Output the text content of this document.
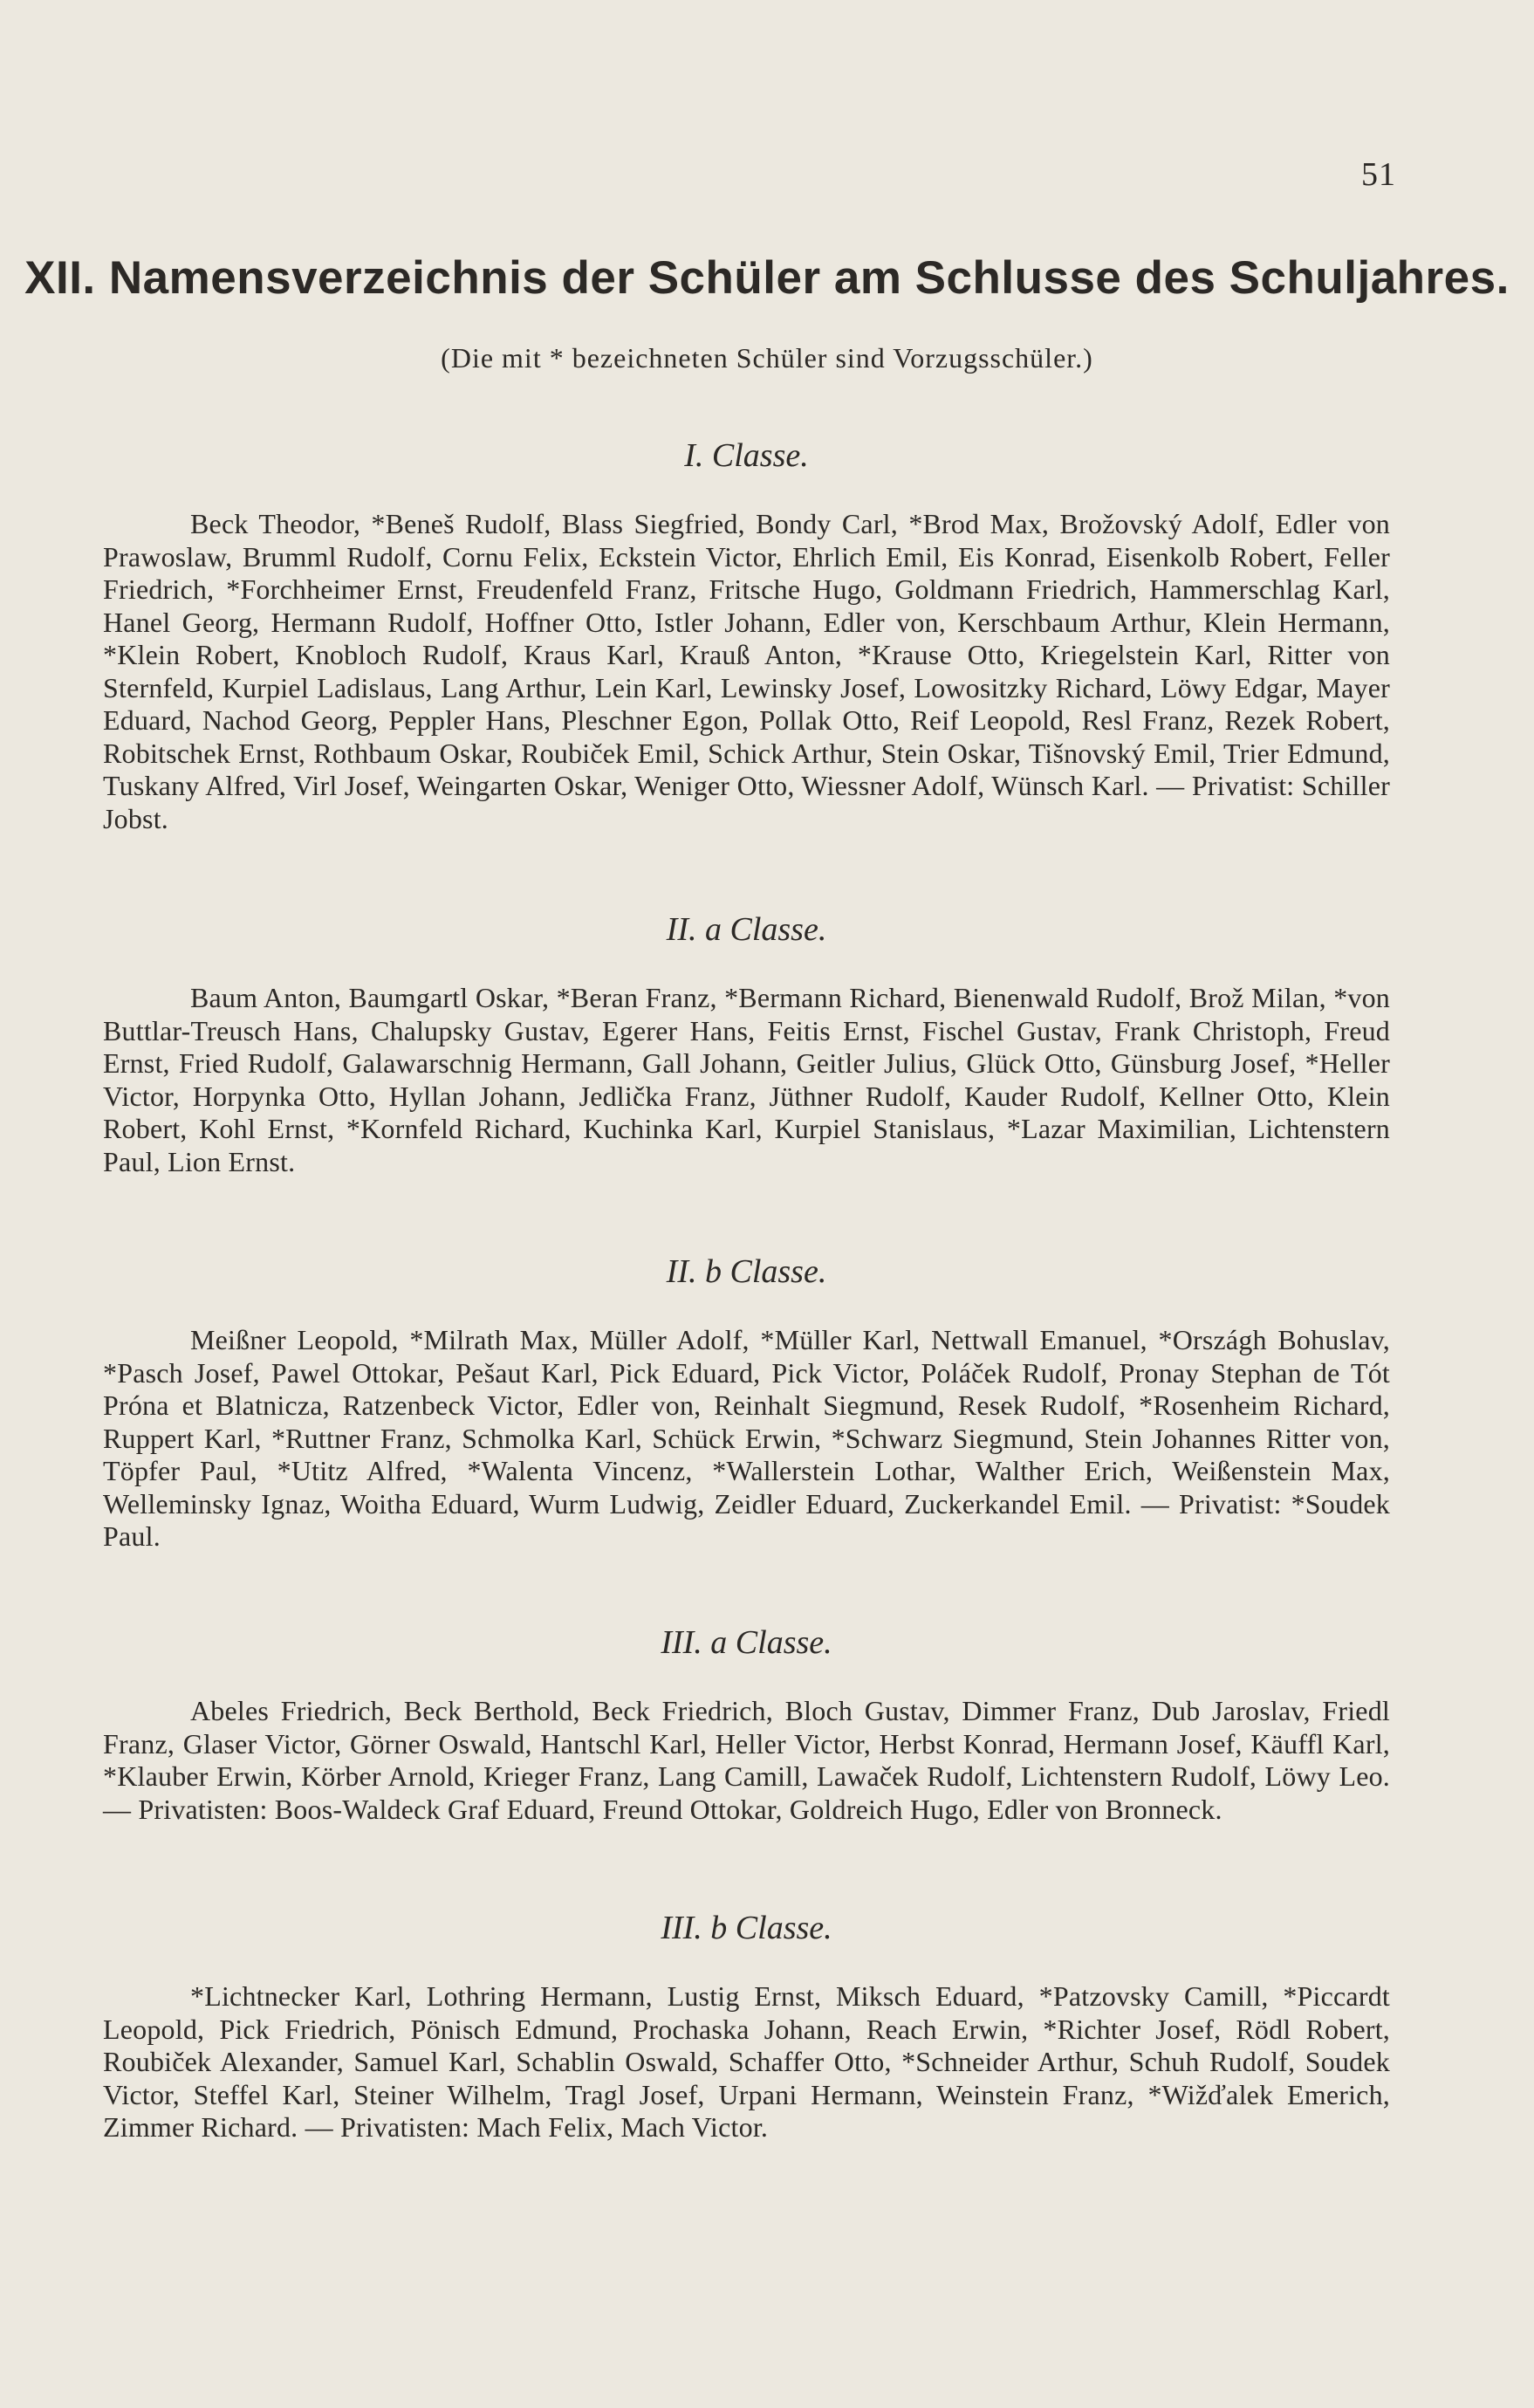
51
XII. Namensverzeichnis der Schüler am Schlusse des Schuljahres.
(Die mit * bezeichneten Schüler sind Vorzugsschüler.)
I. Classe.

Beck Theodor, *Beneš Rudolf, Blass Siegfried, Bondy Carl, *Brod Max, Brožovský Adolf, Edler von Prawoslaw, Brumml Rudolf, Cornu Felix, Eckstein Victor, Ehrlich Emil, Eis Konrad, Eisenkolb Robert, Feller Friedrich, *Forchheimer Ernst, Freudenfeld Franz, Fritsche Hugo, Goldmann Friedrich, Hammerschlag Karl, Hanel Georg, Hermann Rudolf, Hoffner Otto, Istler Johann, Edler von, Kerschbaum Arthur, Klein Hermann, *Klein Robert, Knobloch Rudolf, Kraus Karl, Krauß Anton, *Krause Otto, Kriegelstein Karl, Ritter von Sternfeld, Kurpiel Ladislaus, Lang Arthur, Lein Karl, Lewinsky Josef, Lowositzky Richard, Löwy Edgar, Mayer Eduard, Nachod Georg, Peppler Hans, Pleschner Egon, Pollak Otto, Reif Leopold, Resl Franz, Rezek Robert, Robitschek Ernst, Rothbaum Oskar, Roubiček Emil, Schick Arthur, Stein Oskar, Tišnovský Emil, Trier Edmund, Tuskany Alfred, Virl Josef, Weingarten Oskar, Weniger Otto, Wiessner Adolf, Wünsch Karl. — Privatist: Schiller Jobst.

II. a Classe.

Baum Anton, Baumgartl Oskar, *Beran Franz, *Bermann Richard, Bienenwald Rudolf, Brož Milan, *von Buttlar-Treusch Hans, Chalupsky Gustav, Egerer Hans, Feitis Ernst, Fischel Gustav, Frank Christoph, Freud Ernst, Fried Rudolf, Galawarschnig Hermann, Gall Johann, Geitler Julius, Glück Otto, Günsburg Josef, *Heller Victor, Horpynka Otto, Hyllan Johann, Jedlička Franz, Jüthner Rudolf, Kauder Rudolf, Kellner Otto, Klein Robert, Kohl Ernst, *Kornfeld Richard, Kuchinka Karl, Kurpiel Stanislaus, *Lazar Maximilian, Lichtenstern Paul, Lion Ernst.

II. b Classe.

Meißner Leopold, *Milrath Max, Müller Adolf, *Müller Karl, Nettwall Emanuel, *Országh Bohuslav, *Pasch Josef, Pawel Ottokar, Pešaut Karl, Pick Eduard, Pick Victor, Poláček Rudolf, Pronay Stephan de Tót Próna et Blatnicza, Ratzenbeck Victor, Edler von, Reinhalt Siegmund, Resek Rudolf, *Rosenheim Richard, Ruppert Karl, *Ruttner Franz, Schmolka Karl, Schück Erwin, *Schwarz Siegmund, Stein Johannes Ritter von, Töpfer Paul, *Utitz Alfred, *Walenta Vincenz, *Wallerstein Lothar, Walther Erich, Weißenstein Max, Welleminsky Ignaz, Woitha Eduard, Wurm Ludwig, Zeidler Eduard, Zuckerkandel Emil. — Privatist: *Soudek Paul.

III. a Classe.

Abeles Friedrich, Beck Berthold, Beck Friedrich, Bloch Gustav, Dimmer Franz, Dub Jaroslav, Friedl Franz, Glaser Victor, Görner Oswald, Hantschl Karl, Heller Victor, Herbst Konrad, Hermann Josef, Käuffl Karl, *Klauber Erwin, Körber Arnold, Krieger Franz, Lang Camill, Lawaček Rudolf, Lichtenstern Rudolf, Löwy Leo. — Privatisten: Boos-Waldeck Graf Eduard, Freund Ottokar, Goldreich Hugo, Edler von Bronneck.

III. b Classe.

*Lichtnecker Karl, Lothring Hermann, Lustig Ernst, Miksch Eduard, *Patzovsky Camill, *Piccardt Leopold, Pick Friedrich, Pönisch Edmund, Prochaska Johann, Reach Erwin, *Richter Josef, Rödl Robert, Roubiček Alexander, Samuel Karl, Schablin Oswald, Schaffer Otto, *Schneider Arthur, Schuh Rudolf, Soudek Victor, Steffel Karl, Steiner Wilhelm, Tragl Josef, Urpani Hermann, Weinstein Franz, *Wižďalek Emerich, Zimmer Richard. — Privatisten: Mach Felix, Mach Victor.
